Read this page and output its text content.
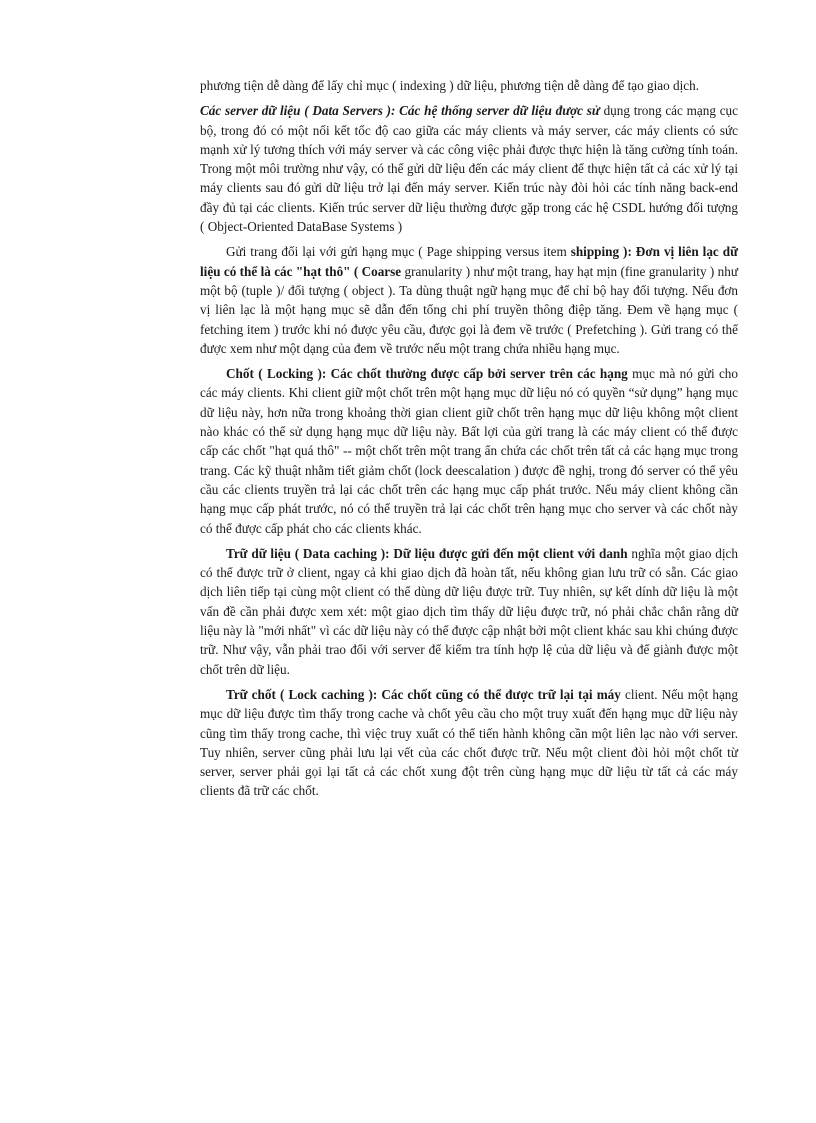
phương tiện dễ dàng để lấy chỉ mục ( indexing ) dữ liệu, phương tiện dễ dàng để tạo giao dịch.

Các server dữ liệu ( Data Servers ): Các hệ thống server dữ liệu được sử dụng trong các mạng cục bộ, trong đó có một nối kết tốc độ cao giữa các máy clients và máy server, các máy clients có sức mạnh xử lý tương thích với máy server và các công việc phải được thực hiện là tăng cường tính toán. Trong một môi trường như vậy, có thể gửi dữ liệu đến các máy client để thực hiện tất cả các xử lý tại máy clients sau đó gửi dữ liệu trở lại đến máy server. Kiến trúc này đòi hỏi các tính năng back-end đầy đủ tại các clients. Kiến trúc server dữ liệu thường được gặp trong các hệ CSDL hướng đối tượng ( Object-Oriented DataBase Systems )

Gửi trang đối lại với gửi hạng mục ( Page shipping versus item shipping ): Đơn vị liên lạc dữ liệu có thể là các "hạt thô" ( Coarse granularity ) như một trang, hay hạt mịn (fine granularity ) như một bộ (tuple )/ đối tượng ( object ). Ta dùng thuật ngữ hạng mục để chỉ bộ hay đối tượng. Nếu đơn vị liên lạc là một hạng mục sẽ dẫn đến tổng chi phí truyền thông điệp tăng. Đem về hạng mục ( fetching item ) trước khi nó được yêu cầu, được gọi là đem về trước ( Prefetching ). Gửi trang có thể được xem như một dạng của đem về trước nếu một trang chứa nhiều hạng mục.

Chốt ( Locking ): Các chốt thường được cấp bởi server trên các hạng mục mà nó gửi cho các máy clients. Khi client giữ một chốt trên một hạng mục dữ liệu nó có quyền “sử dụng” hạng mục dữ liệu này, hơn nữa trong khoảng thời gian client giữ chốt trên hạng mục dữ liệu không một client nào khác có thể sử dụng hạng mục dữ liệu này. Bất lợi của gửi trang là các máy client có thể được cấp các chốt "hạt quá thô" -- một chốt trên một trang ẩn chứa các chốt trên tất cả các hạng mục trong trang. Các kỹ thuật nhằm tiết giảm chốt (lock deescalation ) được đề nghị, trong đó server có thể yêu cầu các clients truyền trả lại các chốt trên các hạng mục cấp phát trước. Nếu máy client không cần hạng mục cấp phát trước, nó có thể truyền trả lại các chốt trên hạng mục cho server và các chốt này có thể được cấp phát cho các clients khác.

Trữ dữ liệu ( Data caching ): Dữ liệu được gửi đến một client với danh nghĩa một giao dịch có thể được trữ ở client, ngay cả khi giao dịch đã hoàn tất, nếu không gian lưu trữ có sẵn. Các giao dịch liên tiếp tại cùng một client có thể dùng dữ liệu được trữ. Tuy nhiên, sự kết dính dữ liệu là một vấn đề cần phải được xem xét: một giao dịch tìm thấy dữ liệu được trữ, nó phải chắc chắn rằng dữ liệu này là "mới nhất" vì các dữ liệu này có thể được cập nhật bởi một client khác sau khi chúng được trữ. Như vậy, vẫn phải trao đổi với server để kiểm tra tính hợp lệ của dữ liệu và để giành được một chốt trên dữ liệu.

Trữ chốt ( Lock caching ): Các chốt cũng có thể được trữ lại tại máy client. Nếu một hạng mục dữ liệu được tìm thấy trong cache và chốt yêu cầu cho một truy xuất đến hạng mục dữ liệu này cũng tìm thấy trong cache, thì việc truy xuất có thể tiến hành không cần một liên lạc nào với server. Tuy nhiên, server cũng phải lưu lại vết của các chốt được trữ. Nếu một client đòi hỏi một chốt từ server, server phải gọi lại tất cả các chốt xung đột trên cùng hạng mục dữ liệu từ tất cả các máy clients đã trữ các chốt.
